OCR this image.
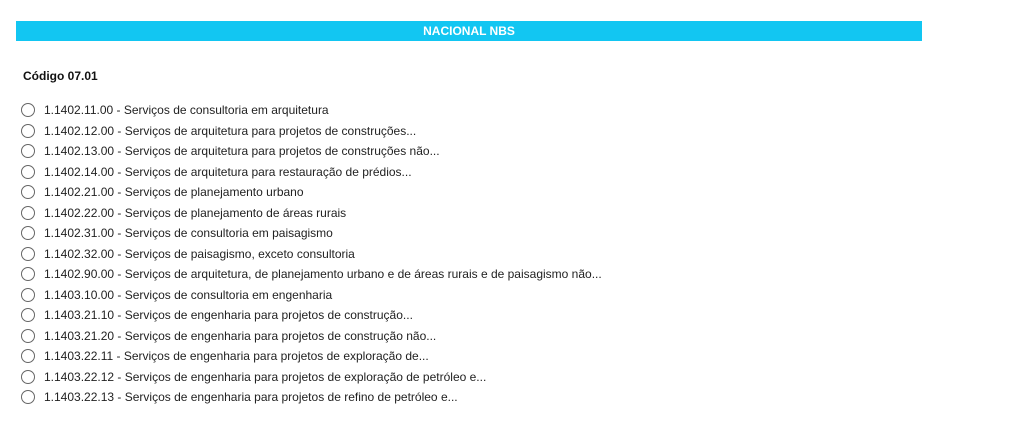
NACIONAL NBS
Código 07.01
1.1402.11.00 - Serviços de consultoria em arquitetura
1.1402.12.00 - Serviços de arquitetura para projetos de construções...
1.1402.13.00 - Serviços de arquitetura para projetos de construções não...
1.1402.14.00 - Serviços de arquitetura para restauração de prédios...
1.1402.21.00 - Serviços de planejamento urbano
1.1402.22.00 - Serviços de planejamento de áreas rurais
1.1402.31.00 - Serviços de consultoria em paisagismo
1.1402.32.00 - Serviços de paisagismo, exceto consultoria
1.1402.90.00 - Serviços de arquitetura, de planejamento urbano e de áreas rurais e de paisagismo não...
1.1403.10.00 - Serviços de consultoria em engenharia
1.1403.21.10 - Serviços de engenharia para projetos de construção...
1.1403.21.20 - Serviços de engenharia para projetos de construção não...
1.1403.22.11 - Serviços de engenharia para projetos de exploração de...
1.1403.22.12 - Serviços de engenharia para projetos de exploração de petróleo e...
1.1403.22.13 - Serviços de engenharia para projetos de refino de petróleo e...
